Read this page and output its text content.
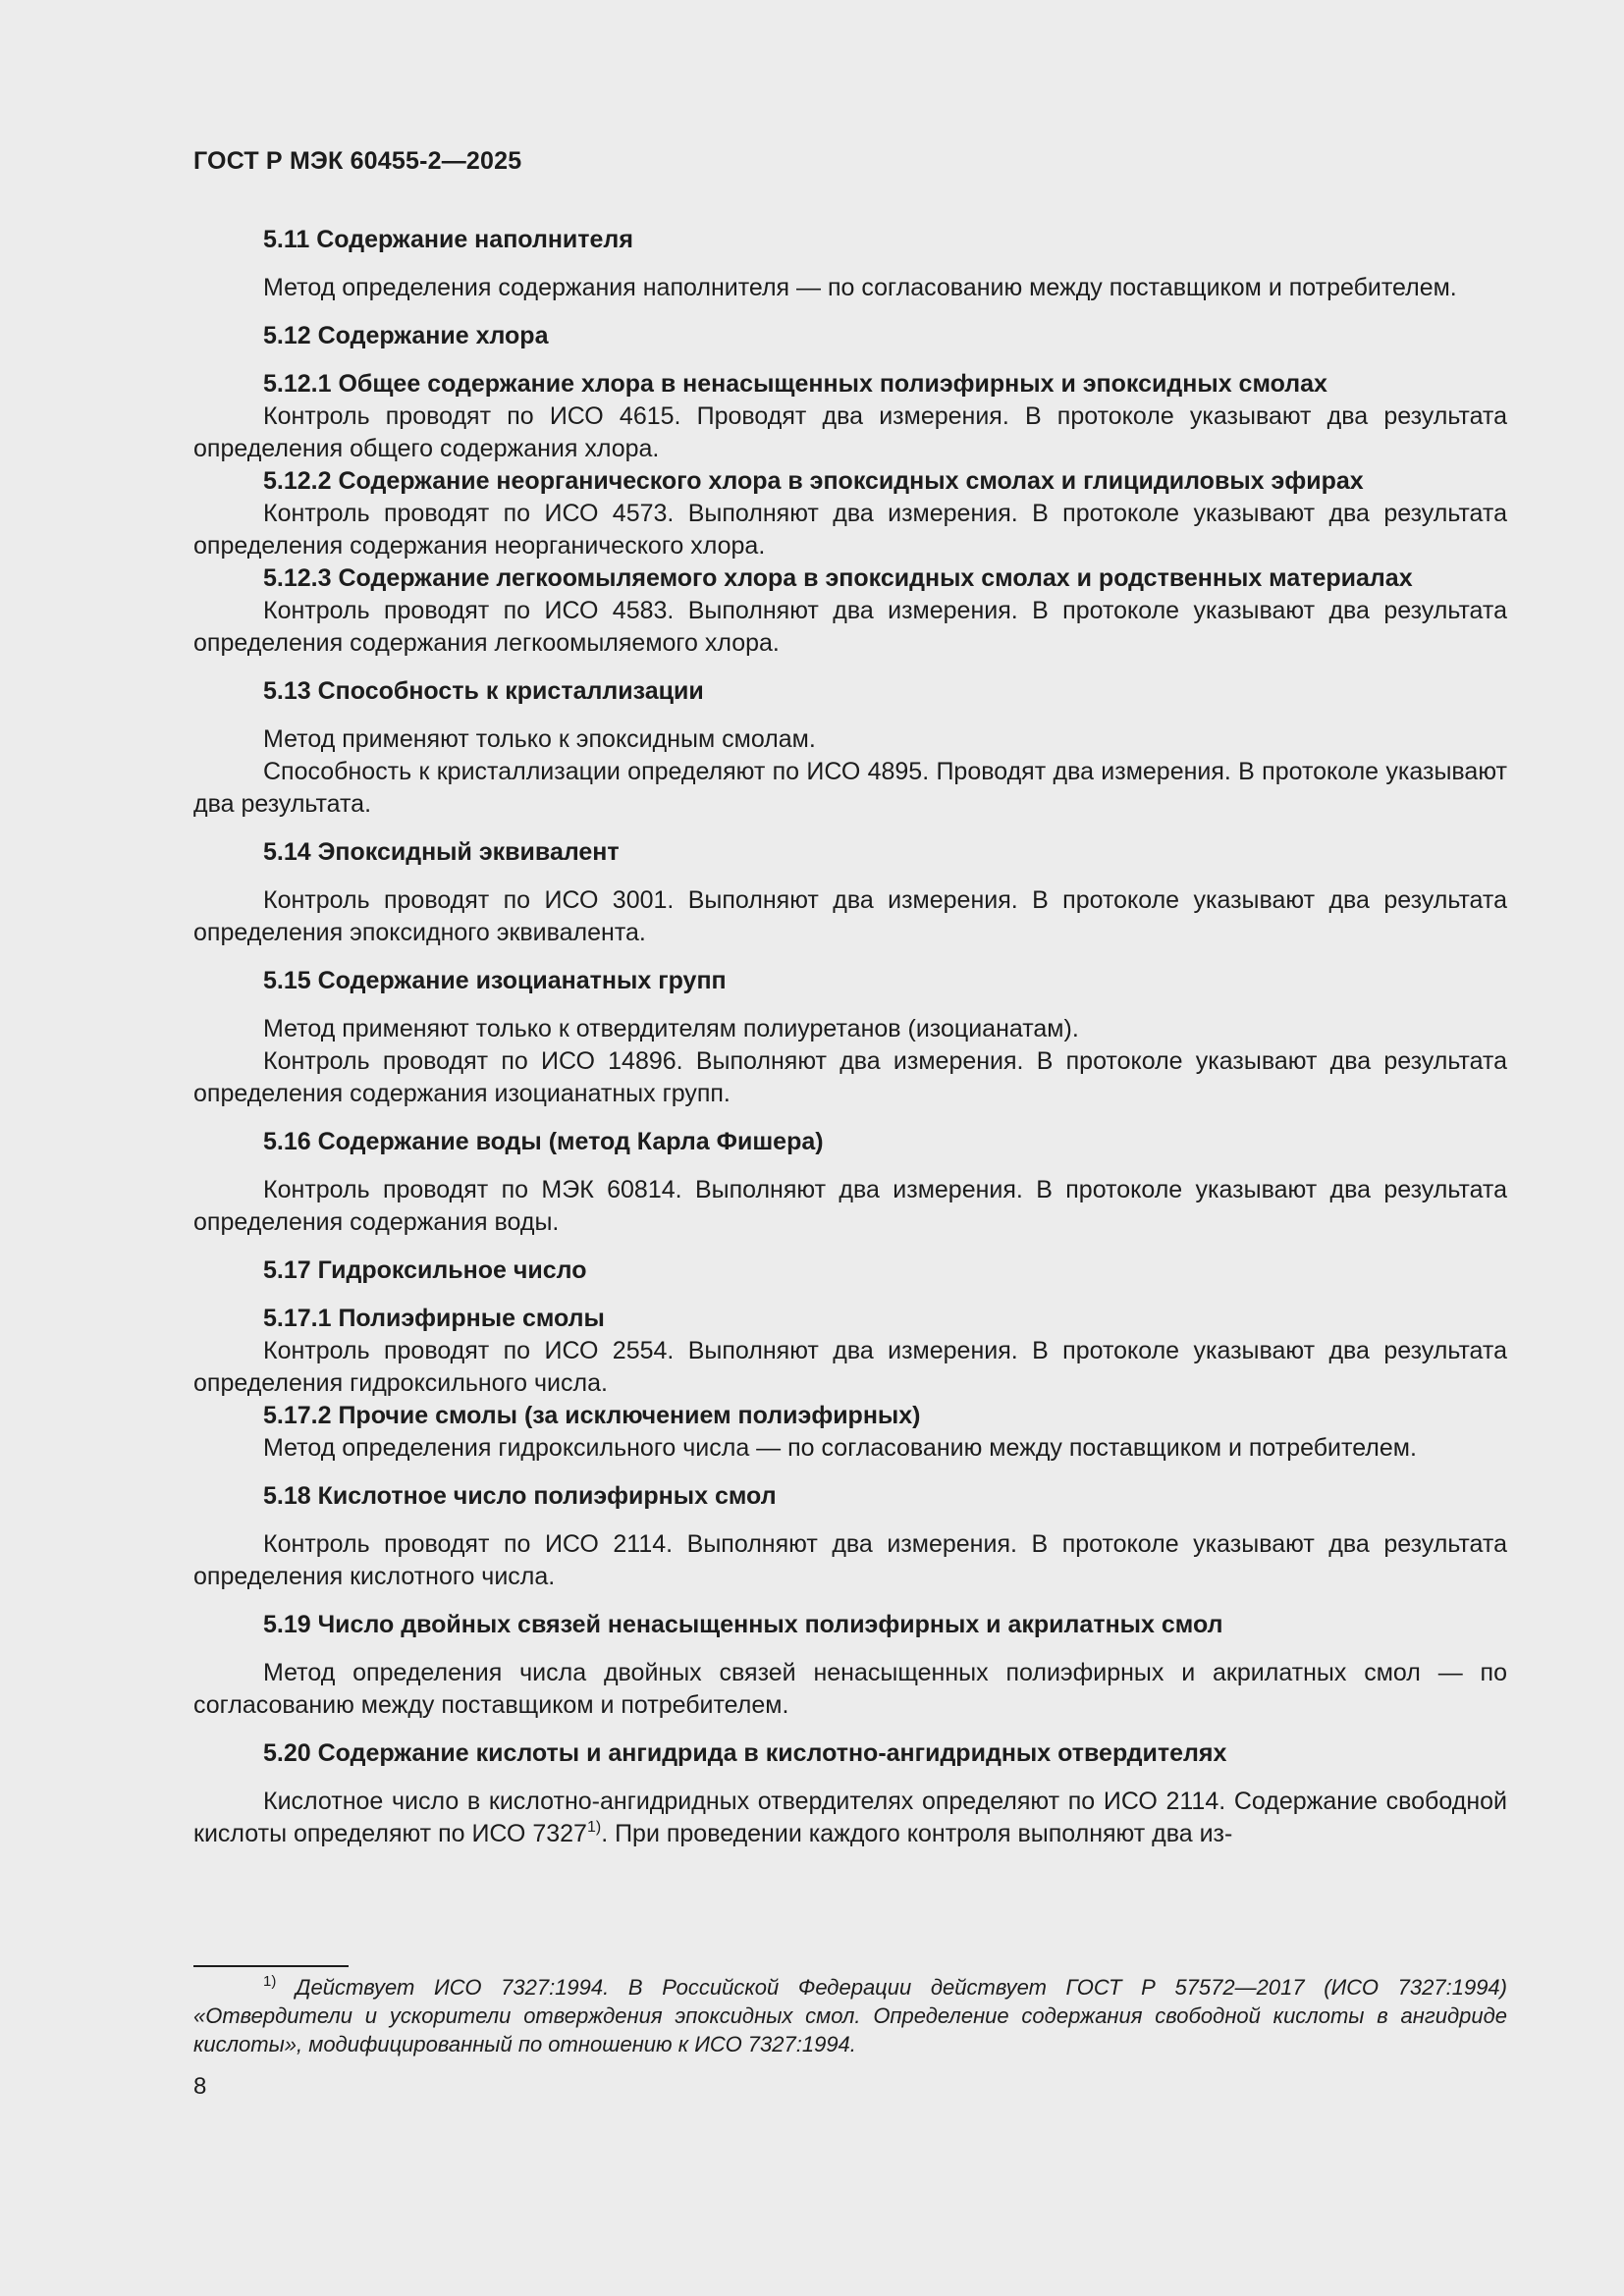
ГОСТ Р МЭК 60455-2—2025
5.11 Содержание наполнителя

Метод определения содержания наполнителя — по согласованию между поставщиком и потребителем.

5.12 Содержание хлора
5.12.1 Общее содержание хлора в ненасыщенных полиэфирных и эпоксидных смолах

Контроль проводят по ИСО 4615. Проводят два измерения. В протоколе указывают два результата определения общего содержания хлора.

5.12.2 Содержание неорганического хлора в эпоксидных смолах и глицидиловых эфирах

Контроль проводят по ИСО 4573. Выполняют два измерения. В протоколе указывают два результата определения содержания неорганического хлора.

5.12.3 Содержание легкоомыляемого хлора в эпоксидных смолах и родственных материалах

Контроль проводят по ИСО 4583. Выполняют два измерения. В протоколе указывают два результата определения содержания легкоомыляемого хлора.

5.13 Способность к кристаллизации

Метод применяют только к эпоксидным смолам.

Способность к кристаллизации определяют по ИСО 4895. Проводят два измерения. В протоколе указывают два результата.

5.14 Эпоксидный эквивалент

Контроль проводят по ИСО 3001. Выполняют два измерения. В протоколе указывают два результата определения эпоксидного эквивалента.

5.15 Содержание изоцианатных групп

Метод применяют только к отвердителям полиуретанов (изоцианатам).

Контроль проводят по ИСО 14896. Выполняют два измерения. В протоколе указывают два результата определения содержания изоцианатных групп.

5.16 Содержание воды (метод Карла Фишера)

Контроль проводят по МЭК 60814. Выполняют два измерения. В протоколе указывают два результата определения содержания воды.

5.17 Гидроксильное число
5.17.1 Полиэфирные смолы

Контроль проводят по ИСО 2554. Выполняют два измерения. В протоколе указывают два результата определения гидроксильного числа.

5.17.2 Прочие смолы (за исключением полиэфирных)

Метод определения гидроксильного числа — по согласованию между поставщиком и потребителем.

5.18 Кислотное число полиэфирных смол

Контроль проводят по ИСО 2114. Выполняют два измерения. В протоколе указывают два результата определения кислотного числа.

5.19 Число двойных связей ненасыщенных полиэфирных и акрилатных смол

Метод определения числа двойных связей ненасыщенных полиэфирных и акрилатных смол — по согласованию между поставщиком и потребителем.

5.20 Содержание кислоты и ангидрида в кислотно-ангидридных отвердителях

Кислотное число в кислотно-ангидридных отвердителях определяют по ИСО 2114. Содержание свободной кислоты определяют по ИСО 7327$^{1)}$. При проведении каждого контроля выполняют два из-

$^{1)}$ Действует ИСО 7327:1994. В Российской Федерации действует ГОСТ Р 57572—2017 (ИСО 7327:1994) «Отвердители и ускорители отверждения эпоксидных смол. Определение содержания свободной кислоты в ангидриде кислоты», модифицированный по отношению к ИСО 7327:1994.
8
